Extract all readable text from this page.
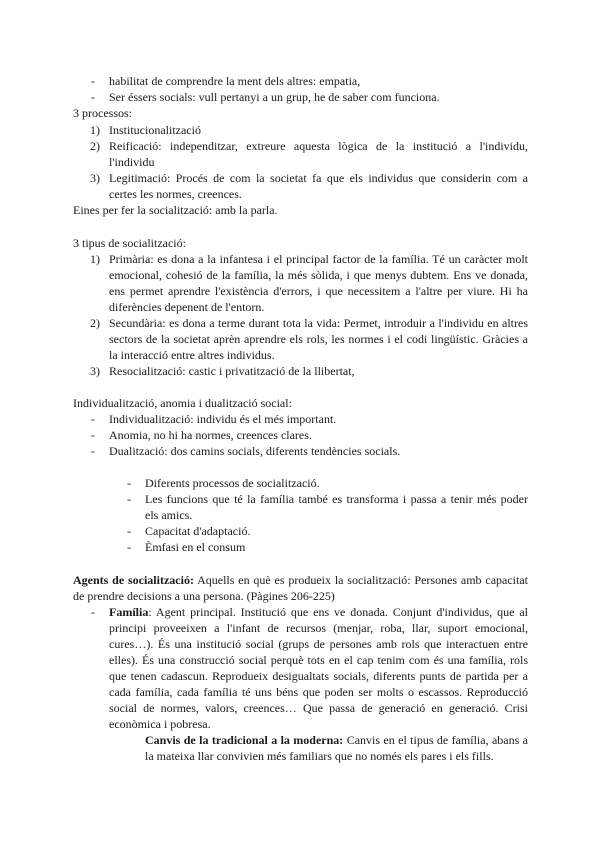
- habilitat de comprendre la ment dels altres: empatia,
- Ser éssers socials: vull pertanyi a un grup, he de saber com funciona.
3 processos:
1) Institucionalització
2) Reificació: independitzar, extreure aquesta lògica de la institució a l'individu,
l'individu
3) Legitimació: Procés de com la societat fa que els individus que considerin com a
certes les normes, creences.
Eines per fer la socialització: amb la parla.
3 tipus de socialització:
1) Primària: es dona a la infantesa i el principal factor de la família. Té un caràcter molt
emocional, cohesió de la família, la més sòlida, i que menys dubtem. Ens ve donada,
ens permet aprendre l'existència d'errors, i que necessitem a l'altre per viure. Hi ha
diferències depenent de l'entorn.
2) Secundària: es dona a terme durant tota la vida: Permet, introduir a l'individu en altres
sectors de la societat aprèn aprendre els rols, les normes i el codi lingüístic. Gràcies a
la interacció entre altres individus.
3) Resocialització: castic i privatització de la llibertat,
Individualització, anomia i dualització social:
- Individualització: individu és el més important.
- Anomia, no hi ha normes, creences clares.
- Dualització: dos camins socials, diferents tendències socials.
- Diferents processos de socialització.
- Les funcions que té la família també es transforma i passa a tenir més poder
els amics.
- Capacitat d'adaptació.
- Èmfasi en el consum
Agents de socialització: Aquells en què es produeix la socialització: Persones amb capacitat
de prendre decisions a una persona. (Pàgines 206-225)
- Família: Agent principal. Institució que ens ve donada. Conjunt d'individus, que al
principi proveeixen a l'infant de recursos (menjar, roba, llar, suport emocional,
cures…). És una institució social (grups de persones amb rols que interactuen entre
elles). És una construcció social perquè tots en el cap tenim com és una família, rols
que tenen cadascun. Reprodueix desigualtats socials, diferents punts de partida per a
cada família, cada família té uns béns que poden ser molts o escassos. Reproducció
social de normes, valors, creences… Que passa de generació en generació. Crisi
econòmica i pobresa.
Canvis de la tradicional a la moderna: Canvis en el tipus de família, abans a
la mateixa llar convivien més familiars que no només els pares i els fills.
